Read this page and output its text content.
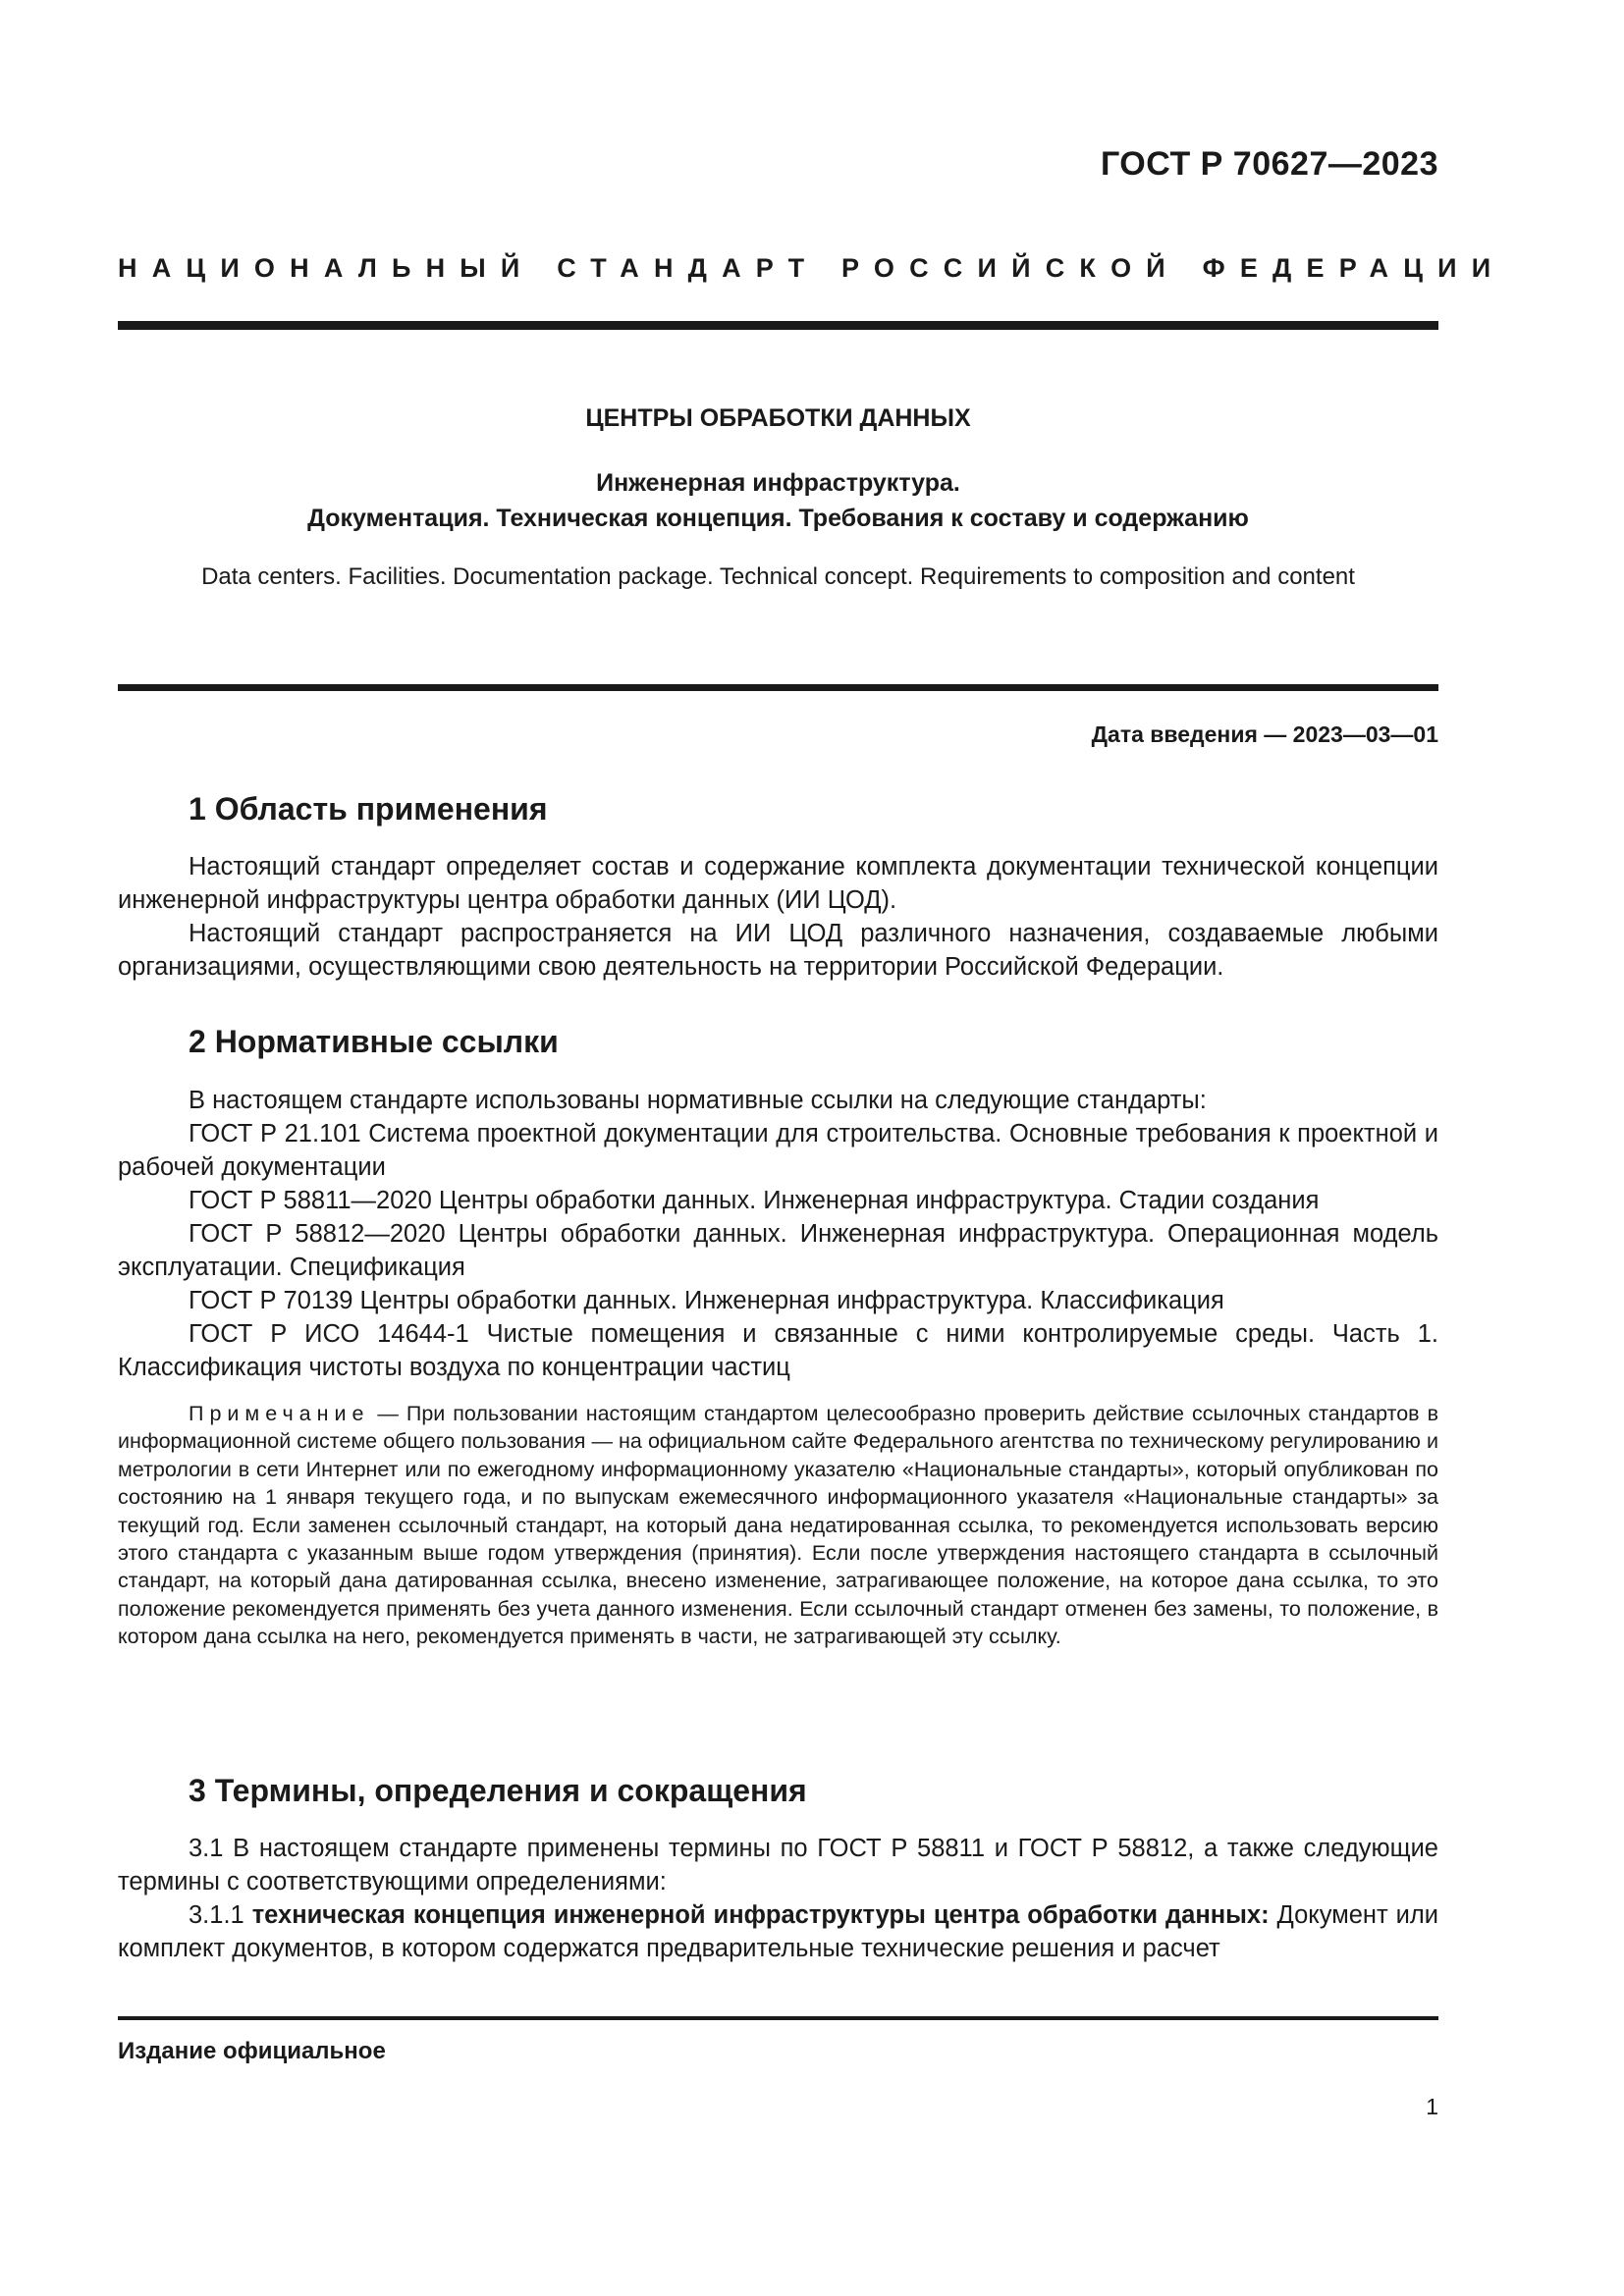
ГОСТ Р 70627—2023
НАЦИОНАЛЬНЫЙ СТАНДАРТ РОССИЙСКОЙ ФЕДЕРАЦИИ
ЦЕНТРЫ ОБРАБОТКИ ДАННЫХ
Инженерная инфраструктура.
Документация. Техническая концепция. Требования к составу и содержанию
Data centers. Facilities. Documentation package. Technical concept. Requirements to composition and content
Дата введения — 2023—03—01
1 Область применения

Настоящий стандарт определяет состав и содержание комплекта документации технической концепции инженерной инфраструктуры центра обработки данных (ИИ ЦОД).

Настоящий стандарт распространяется на ИИ ЦОД различного назначения, создаваемые любыми организациями, осуществляющими свою деятельность на территории Российской Федерации.

2 Нормативные ссылки

В настоящем стандарте использованы нормативные ссылки на следующие стандарты:

ГОСТ Р 21.101 Система проектной документации для строительства. Основные требования к проектной и рабочей документации

ГОСТ Р 58811—2020 Центры обработки данных. Инженерная инфраструктура. Стадии создания

ГОСТ Р 58812—2020 Центры обработки данных. Инженерная инфраструктура. Операционная модель эксплуатации. Спецификация

ГОСТ Р 70139 Центры обработки данных. Инженерная инфраструктура. Классификация

ГОСТ Р ИСО 14644-1 Чистые помещения и связанные с ними контролируемые среды. Часть 1. Классификация чистоты воздуха по концентрации частиц

Примечание — При пользовании настоящим стандартом целесообразно проверить действие ссылочных стандартов в информационной системе общего пользования — на официальном сайте Федерального агентства по техническому регулированию и метрологии в сети Интернет или по ежегодному информационному указателю «Национальные стандарты», который опубликован по состоянию на 1 января текущего года, и по выпускам ежемесячного информационного указателя «Национальные стандарты» за текущий год. Если заменен ссылочный стандарт, на который дана недатированная ссылка, то рекомендуется использовать версию этого стандарта с указанным выше годом утверждения (принятия). Если после утверждения настоящего стандарта в ссылочный стандарт, на который дана датированная ссылка, внесено изменение, затрагивающее положение, на которое дана ссылка, то это положение рекомендуется применять без учета данного изменения. Если ссылочный стандарт отменен без замены, то положение, в котором дана ссылка на него, рекомендуется применять в части, не затрагивающей эту ссылку.

3 Термины, определения и сокращения

3.1 В настоящем стандарте применены термины по ГОСТ Р 58811 и ГОСТ Р 58812, а также следующие термины с соответствующими определениями:

3.1.1 техническая концепция инженерной инфраструктуры центра обработки данных: Документ или комплект документов, в котором содержатся предварительные технические решения и расчет

Издание официальное
1
